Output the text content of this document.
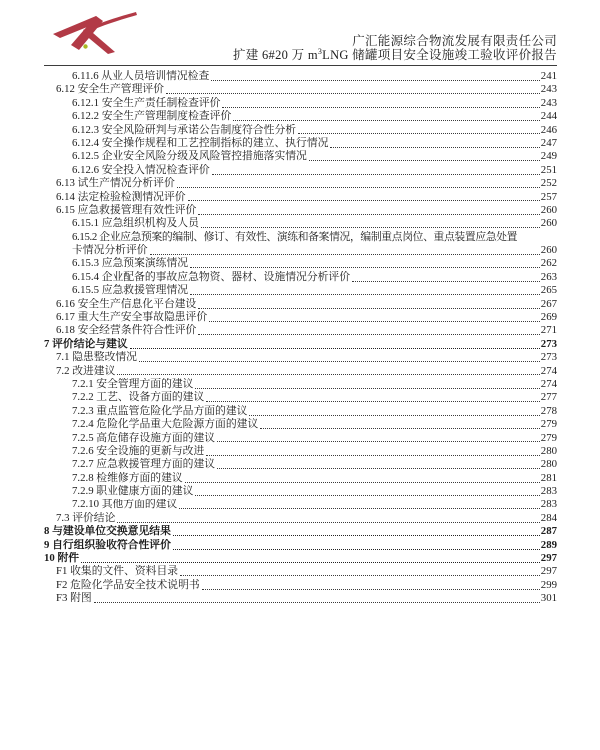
广汇能源综合物流发展有限责任公司
扩建 6#20 万 $m^3LNG$ 储罐项目安全设施竣工验收评价报告
6.11.6 从业人员培训情况检查	241
6.12 安全生产管理评价	243
6.12.1 安全生产责任制检查评价	243
6.12.2 安全生产管理制度检查评价	244
6.12.3 安全风险研判与承诺公告制度符合性分析	246
6.12.4 安全操作规程和工艺控制指标的建立、执行情况	247
6.12.5 企业安全风险分级及风险管控措施落实情况	249
6.12.6 安全投入情况检查评价	251
6.13 试生产情况分析评价	252
6.14 法定检验检测情况评价	257
6.15 应急救援管理有效性评价	260
6.15.1 应急组织机构及人员	260
6.15.2 企业应急预案的编制、修订、有效性、演练和备案情况，编制重点岗位、重点装置应急处置
卡情况分析评价	260
6.15.3 应急预案演练情况	262
6.15.4 企业配备的事故应急物资、器材、设施情况分析评价	263
6.15.5 应急救援管理情况	265
6.16 安全生产信息化平台建设	267
6.17 重大生产安全事故隐患评价	269
6.18 安全经营条件符合性评价	271
7 评价结论与建议	273
7.1 隐患整改情况	273
7.2 改进建议	274
7.2.1 安全管理方面的建议	274
7.2.2 工艺、设备方面的建议	277
7.2.3 重点监管危险化学品方面的建议	278
7.2.4 危险化学品重大危险源方面的建议	279
7.2.5 高危储存设施方面的建议	279
7.2.6 安全设施的更新与改进	280
7.2.7 应急救援管理方面的建议	280
7.2.8 检维修方面的建议	281
7.2.9 职业健康方面的建议	283
7.2.10 其他方面的建议	283
7.3 评价结论	284
8 与建设单位交换意见结果	287
9 自行组织验收符合性评价	289
10 附件	297
F1 收集的文件、资料目录	297
F2 危险化学品安全技术说明书	299
F3 附图	301
